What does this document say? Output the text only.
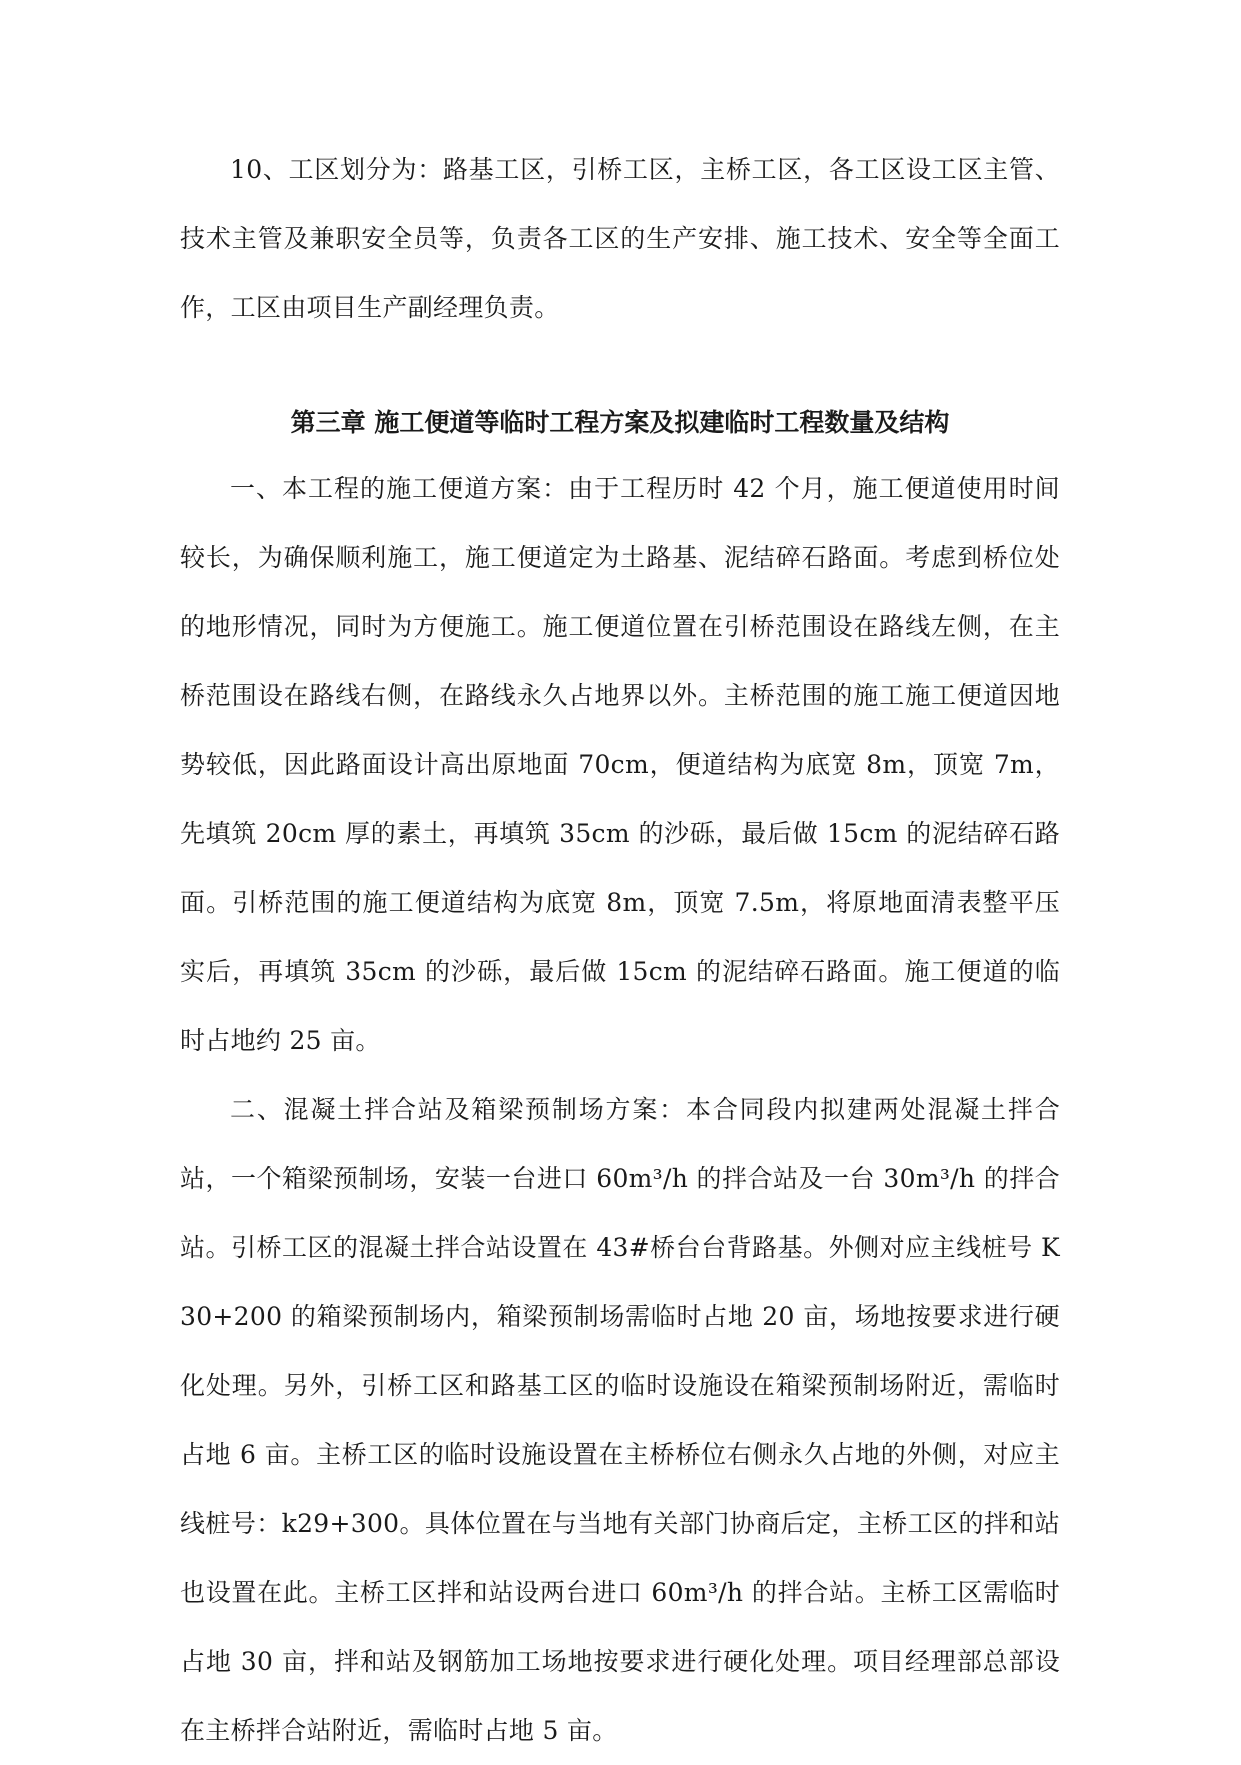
10、工区划分为：路基工区，引桥工区，主桥工区，各工区设工区主管、技术主管及兼职安全员等，负责各工区的生产安排、施工技术、安全等全面工作，工区由项目生产副经理负责。

第三章 施工便道等临时工程方案及拟建临时工程数量及结构

一、本工程的施工便道方案：由于工程历时 42 个月，施工便道使用时间较长，为确保顺利施工，施工便道定为土路基、泥结碎石路面。考虑到桥位处的地形情况，同时为方便施工。施工便道位置在引桥范围设在路线左侧，在主桥范围设在路线右侧，在路线永久占地界以外。主桥范围的施工施工便道因地势较低，因此路面设计高出原地面 70cm，便道结构为底宽 8m，顶宽 7m，先填筑 20cm 厚的素土，再填筑 35cm 的沙砾，最后做 15cm 的泥结碎石路面。引桥范围的施工便道结构为底宽 8m，顶宽 7.5m，将原地面清表整平压实后，再填筑 35cm 的沙砾，最后做 15cm 的泥结碎石路面。施工便道的临时占地约 25 亩。

二、混凝土拌合站及箱梁预制场方案：本合同段内拟建两处混凝土拌合站，一个箱梁预制场，安装一台进口 60m³/h 的拌合站及一台 30m³/h 的拌合站。引桥工区的混凝土拌合站设置在 43#桥台台背路基。外侧对应主线桩号 K30+200 的箱梁预制场内，箱梁预制场需临时占地 20 亩，场地按要求进行硬化处理。另外，引桥工区和路基工区的临时设施设在箱梁预制场附近，需临时占地 6 亩。主桥工区的临时设施设置在主桥桥位右侧永久占地的外侧，对应主线桩号：k29+300。具体位置在与当地有关部门协商后定，主桥工区的拌和站也设置在此。主桥工区拌和站设两台进口 60m³/h 的拌合站。主桥工区需临时占地 30 亩，拌和站及钢筋加工场地按要求进行硬化处理。项目经理部总部设在主桥拌合站附近，需临时占地 5 亩。
